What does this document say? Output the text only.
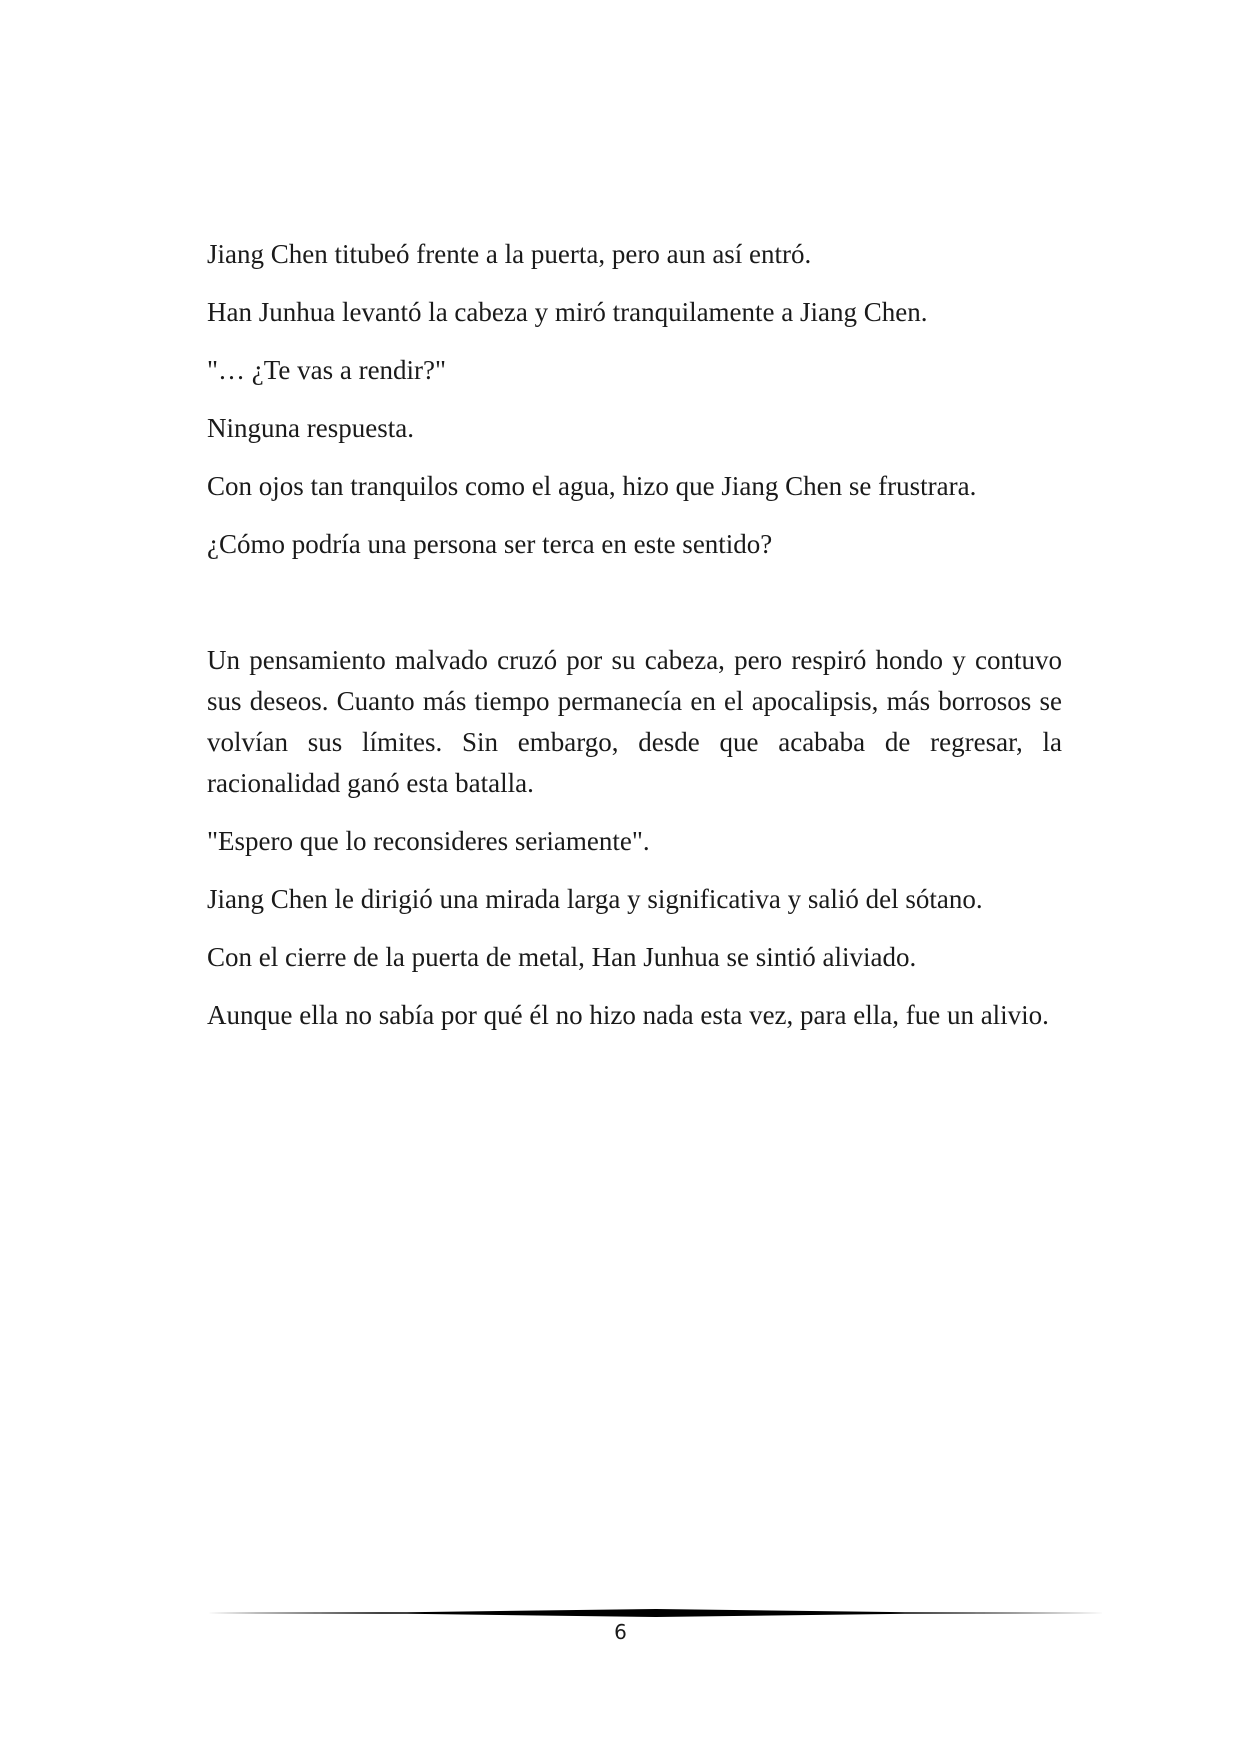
Jiang Chen titubeó frente a la puerta, pero aun así entró.

Han Junhua levantó la cabeza y miró tranquilamente a Jiang Chen.

"… ¿Te vas a rendir?"

Ninguna respuesta.

Con ojos tan tranquilos como el agua, hizo que Jiang Chen se frustrara.

¿Cómo podría una persona ser terca en este sentido?

Un pensamiento malvado cruzó por su cabeza, pero respiró hondo y contuvo sus deseos. Cuanto más tiempo permanecía en el apocalipsis, más borrosos se volvían sus límites. Sin embargo, desde que acababa de regresar, la racionalidad ganó esta batalla.

"Espero que lo reconsideres seriamente".

Jiang Chen le dirigió una mirada larga y significativa y salió del sótano.

Con el cierre de la puerta de metal, Han Junhua se sintió aliviado.

Aunque ella no sabía por qué él no hizo nada esta vez, para ella, fue un alivio.

6
